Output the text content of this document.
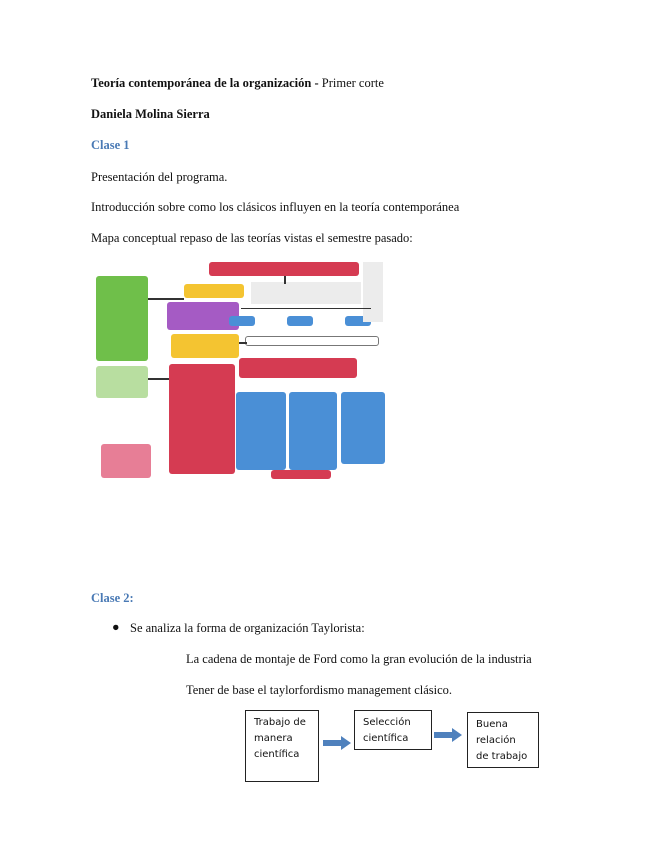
Teoría contemporánea de la organización - Primer corte
Daniela Molina Sierra
Clase 1
Presentación del programa.
Introducción sobre como los clásicos influyen en la teoría contemporánea
Mapa conceptual repaso de las teorías vistas el semestre pasado:
Clase 2:
● Se analiza la forma de organización Taylorista:
La cadena de montaje de Ford como la gran evolución de la industria
Tener de base el taylorfordismo management clásico.
Trabajo de manera científica
Selección científica
Buena relación de trabajo
